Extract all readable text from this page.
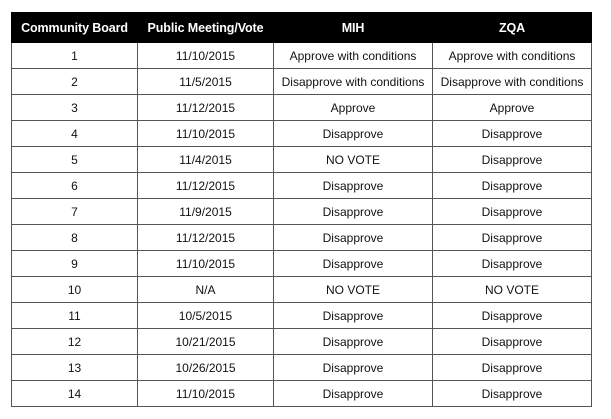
Community Board	Public Meeting/Vote	MIH	ZQA
1	11/10/2015	Approve with conditions	Approve with conditions
2	11/5/2015	Disapprove with conditions	Disapprove with conditions
3	11/12/2015	Approve	Approve
4	11/10/2015	Disapprove	Disapprove
5	11/4/2015	NO VOTE	Disapprove
6	11/12/2015	Disapprove	Disapprove
7	11/9/2015	Disapprove	Disapprove
8	11/12/2015	Disapprove	Disapprove
9	11/10/2015	Disapprove	Disapprove
10	N/A	NO VOTE	NO VOTE
11	10/5/2015	Disapprove	Disapprove
12	10/21/2015	Disapprove	Disapprove
13	10/26/2015	Disapprove	Disapprove
14	11/10/2015	Disapprove	Disapprove
